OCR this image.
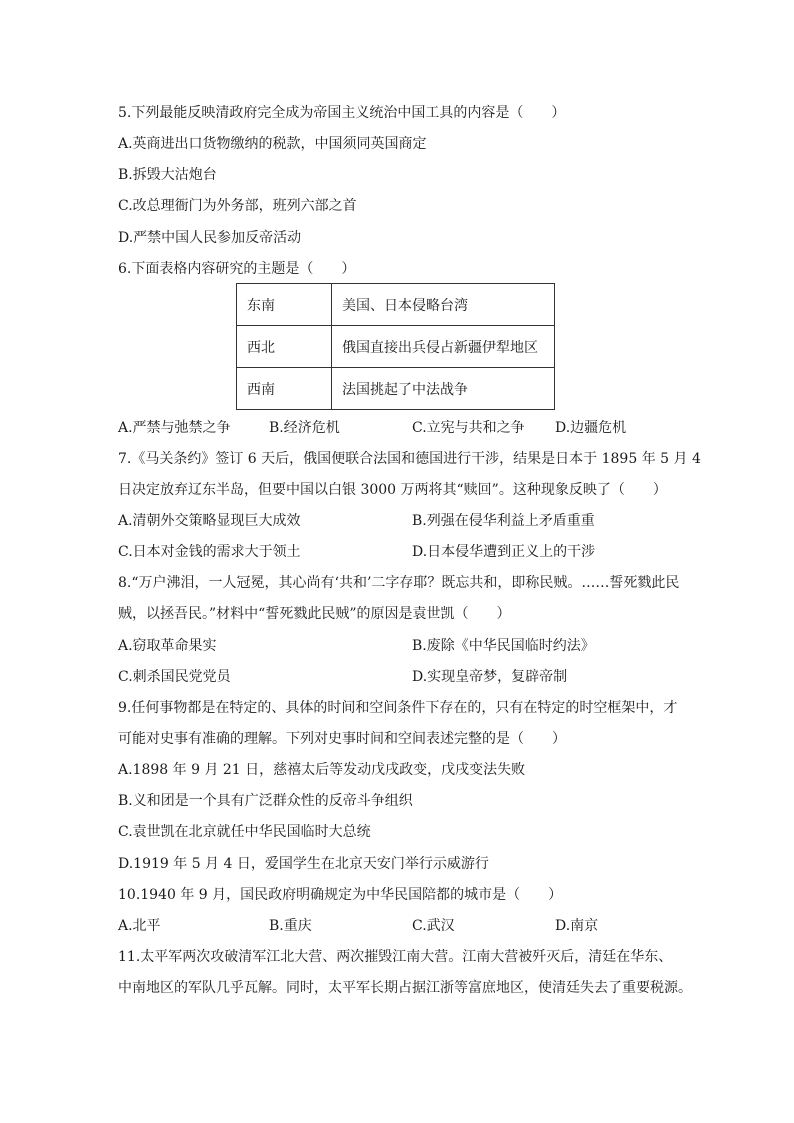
5.下列最能反映清政府完全成为帝国主义统治中国工具的内容是（　　）
A.英商进出口货物缴纳的税款，中国须同英国商定
B.拆毁大沽炮台
C.改总理衙门为外务部，班列六部之首
D.严禁中国人民参加反帝活动
6.下面表格内容研究的主题是（　　）
东南	美国、日本侵略台湾
西北	俄国直接出兵侵占新疆伊犁地区
西南	法国挑起了中法战争
A.严禁与弛禁之争	B.经济危机	C.立宪与共和之争 D.边疆危机
7.《马关条约》签订 6 天后，俄国便联合法国和德国进行干涉，结果是日本于 1895 年 5 月 4
日决定放弃辽东半岛，但要中国以白银 3000 万两将其“赎回”。这种现象反映了（　　）
A.清朝外交策略显现巨大成效	B.列强在侵华利益上矛盾重重
C.日本对金钱的需求大于领土	D.日本侵华遭到正义上的干涉
8.“万户沸泪，一人冠冕，其心尚有‘共和’二字存耶？既忘共和，即称民贼。……誓死戮此民
贼，以拯吾民。”材料中“誓死戮此民贼”的原因是袁世凯（　　）
A.窃取革命果实	B.废除《中华民国临时约法》
C.刺杀国民党党员	D.实现皇帝梦，复辟帝制
9.任何事物都是在特定的、具体的时间和空间条件下存在的，只有在特定的时空框架中，才
可能对史事有准确的理解。下列对史事时间和空间表述完整的是（　　）
A.1898 年 9 月 21 日，慈禧太后等发动戊戌政变，戊戌变法失败
B.义和团是一个具有广泛群众性的反帝斗争组织
C.袁世凯在北京就任中华民国临时大总统
D.1919 年 5 月 4 日，爱国学生在北京天安门举行示威游行
10.1940 年 9 月，国民政府明确规定为中华民国陪都的城市是（　　）
A.北平	B.重庆	C.武汉	D.南京
11.太平军两次攻破清军江北大营、两次摧毁江南大营。江南大营被歼灭后，清廷在华东、
中南地区的军队几乎瓦解。同时，太平军长期占据江浙等富庶地区，使清廷失去了重要税源。
